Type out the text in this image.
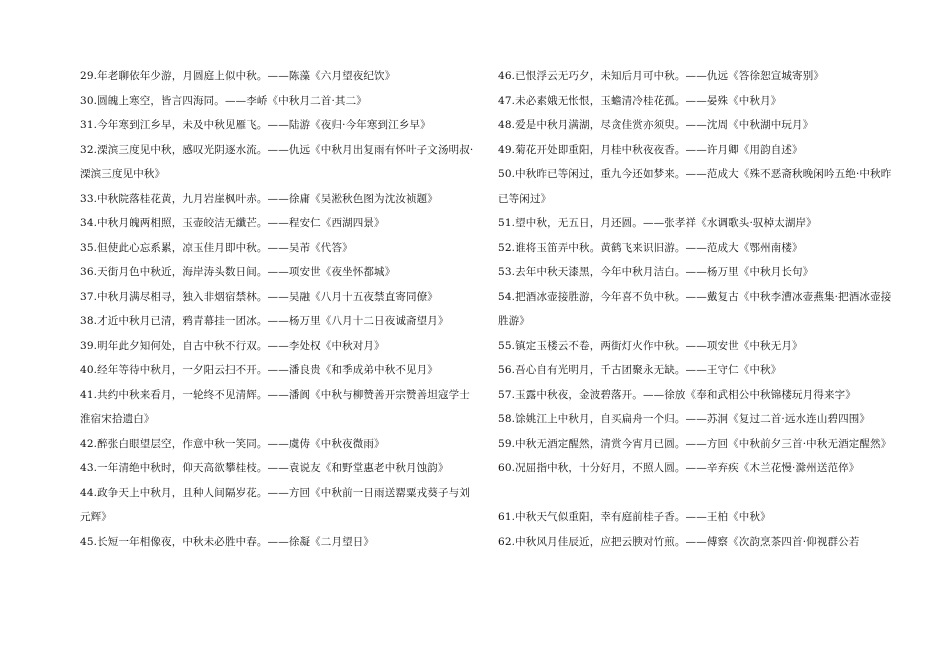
29.年老聊依年少游，月圆庭上似中秋。——陈藻《六月望夜纪饮》
30.圆魄上寒空，皆言四海同。——李峤《中秋月二首·其二》
31.今年寒到江乡早，未及中秋见雁飞。——陆游《夜归·今年寒到江乡早》
32.溧滨三度见中秋，感叹光阴逐水流。——仇远《中秋月出复雨有怀叶子文汤明叔·溧滨三度见中秋》
33.中秋院落桂花黄，九月岩崖枫叶赤。——徐庸《吴淞秋色图为沈汝祯题》
34.中秋月魄两相照，玉壶皎洁无纖芒。——程安仁《西湖四景》
35.但使此心忘系累，凉玉佳月即中秋。——吴芾《代答》
36.天街月色中秋近，海岸涛头数日间。——项安世《夜坐怀都城》
37.中秋月满尽相寻，独入非烟宿禁林。——吴融《八月十五夜禁直寄同僚》
38.才近中秋月已清，鸦青幕挂一团冰。——杨万里《八月十二日夜诚斋望月》
39.明年此夕知何处，自古中秋不行双。——李处权《中秋对月》
40.经年等待中秋月，一夕阳云扫不开。——潘良贵《和季成弟中秋不见月》
41.共约中秋来看月，一轮终不见清辉。——潘阆《中秋与柳赞善开宗赞善坦寇学士淮宿宋拾遗白》
42.醉张白眼望层空，作意中秋一笑同。——虞俦《中秋夜微雨》
43.一年清绝中秋时，仰天高欲攀桂枝。——袁说友《和野堂惠老中秋月蚀韵》
44.政争天上中秋月，且种人间隔岁花。——方回《中秋前一日雨送罂粟戎葵子与刘元辉》
45.长短一年相像夜，中秋未必胜中春。——徐凝《二月望日》
46.已恨浮云无巧夕，未知后月可中秋。——仇远《答徐恕宣城寄别》
47.未必素娥无怅恨，玉蟾清冷桂花孤。——晏殊《中秋月》
48.爱是中秋月满湖，尽贪佳赏亦须臾。——沈周《中秋湖中玩月》
49.菊花开处即重阳，月桂中秋夜夜香。——许月卿《用韵自述》
50.中秋昨已等闲过，重九今还如梦来。——范成大《殊不恶斋秋晚闲吟五绝·中秋昨已等闲过》
51.望中秋，无五日，月还圆。——张孝祥《水调歌头·驭棹太湖岸》
52.谁将玉笛弄中秋。黄鹤飞来识旧游。——范成大《鄂州南楼》
53.去年中秋天漆黑，今年中秋月洁白。——杨万里《中秋月长句》
54.把酒冰壶接胜游，今年喜不负中秋。——戴复古《中秋李漕冰壶燕集·把酒冰壶接胜游》
55.镇定玉楼云不卷，两街灯火作中秋。——项安世《中秋无月》
56.吾心自有光明月，千古团聚永无缺。——王守仁《中秋》
57.玉露中秋夜，金波碧落开。——徐放《奉和武相公中秋锦楼玩月得来字》
58.馀姚江上中秋月，自买扁舟一个归。——苏泂《复过二首·远水连山碧四围》
59.中秋无酒定醒然，清赏今宵月已圆。——方回《中秋前夕三首·中秋无酒定醒然》
60.况屈指中秋，十分好月，不照人圆。——辛弃疾《木兰花慢·滁州送范倅》
61.中秋天气似重阳，幸有庭前桂子香。——王柏《中秋》
62.中秋风月佳辰近，应把云腴对竹煎。——傅察《次韵烹茶四首·仰视群公若
